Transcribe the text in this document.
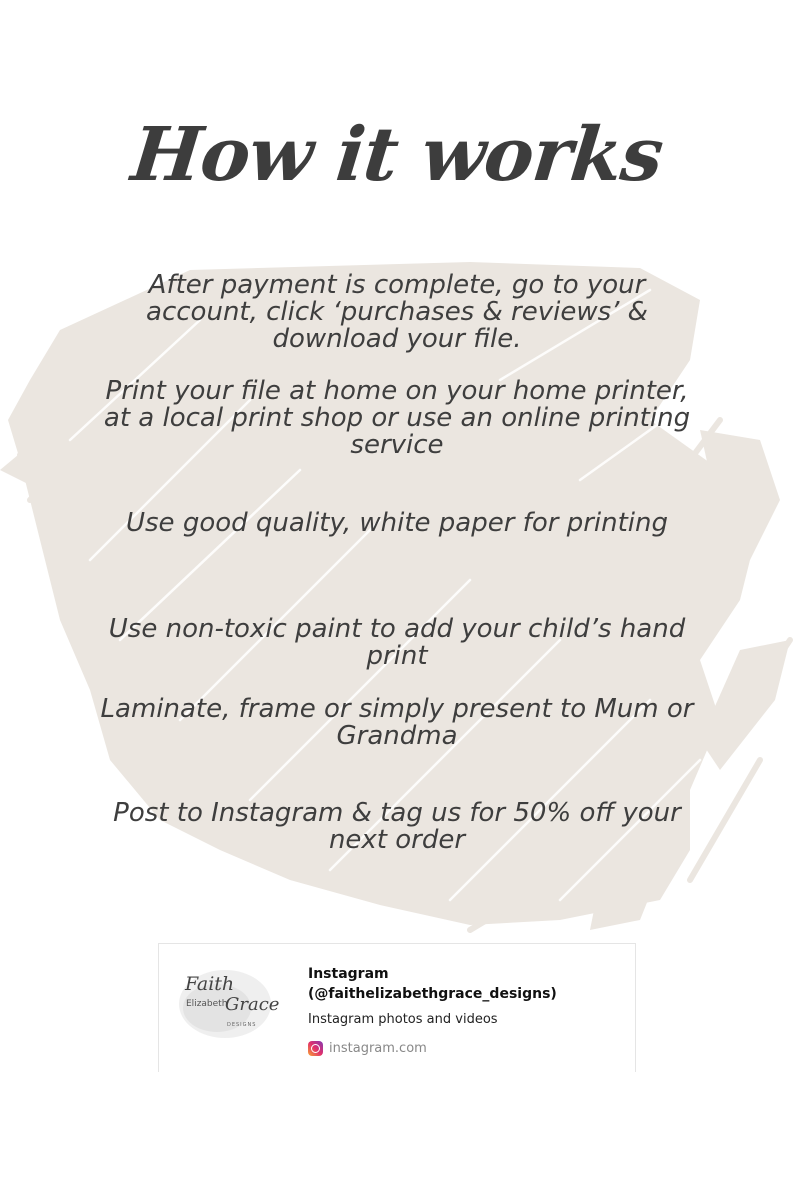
How it works
After payment is complete, go to your account, click ‘purchases & reviews’ & download your file.
Print your file at home on your home printer, at a local print shop or use an online printing service
Use good quality, white paper for printing
Use non-toxic paint to add your child’s hand print
Laminate, frame or simply present to Mum or Grandma
Post to Instagram & tag us for 50% off your next order
Faith
Elizabeth
Grace
DESIGNS
Instagram (@faithelizabethgrace_designs)
Instagram photos and videos
instagram.com
